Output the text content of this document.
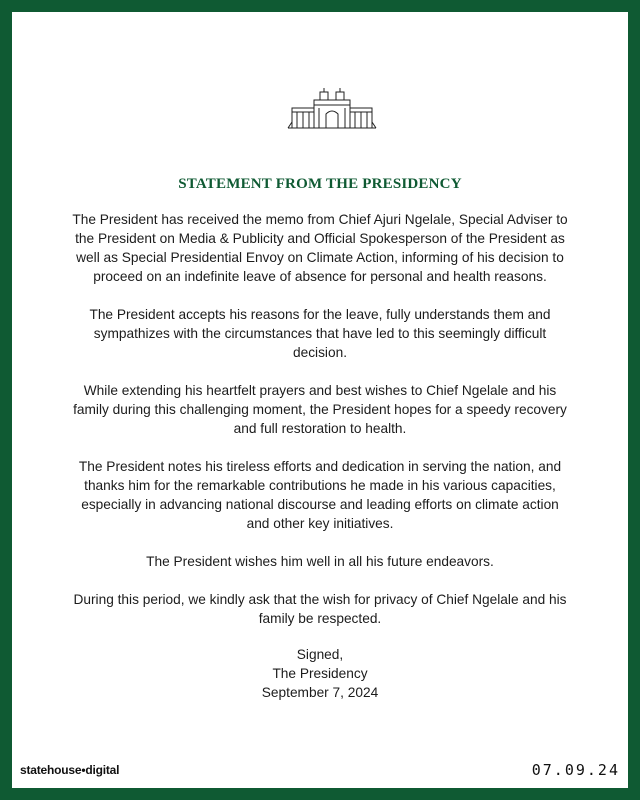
STATEMENT FROM THE PRESIDENCY

The President has received the memo from Chief Ajuri Ngelale, Special Adviser to the President on Media & Publicity and Official Spokesperson of the President as well as Special Presidential Envoy on Climate Action, informing of his decision to proceed on an indefinite leave of absence for personal and health reasons.

The President accepts his reasons for the leave, fully understands them and sympathizes with the circumstances that have led to this seemingly difficult decision.

While extending his heartfelt prayers and best wishes to Chief Ngelale and his family during this challenging moment, the President hopes for a speedy recovery and full restoration to health.

The President notes his tireless efforts and dedication in serving the nation, and thanks him for the remarkable contributions he made in his various capacities, especially in advancing national discourse and leading efforts on climate action and other key initiatives.

The President wishes him well in all his future endeavors.

During this period, we kindly ask that the wish for privacy of Chief Ngelale and his family be respected.

Signed,
The Presidency
September 7, 2024
statehouse•digital	07.09.24
